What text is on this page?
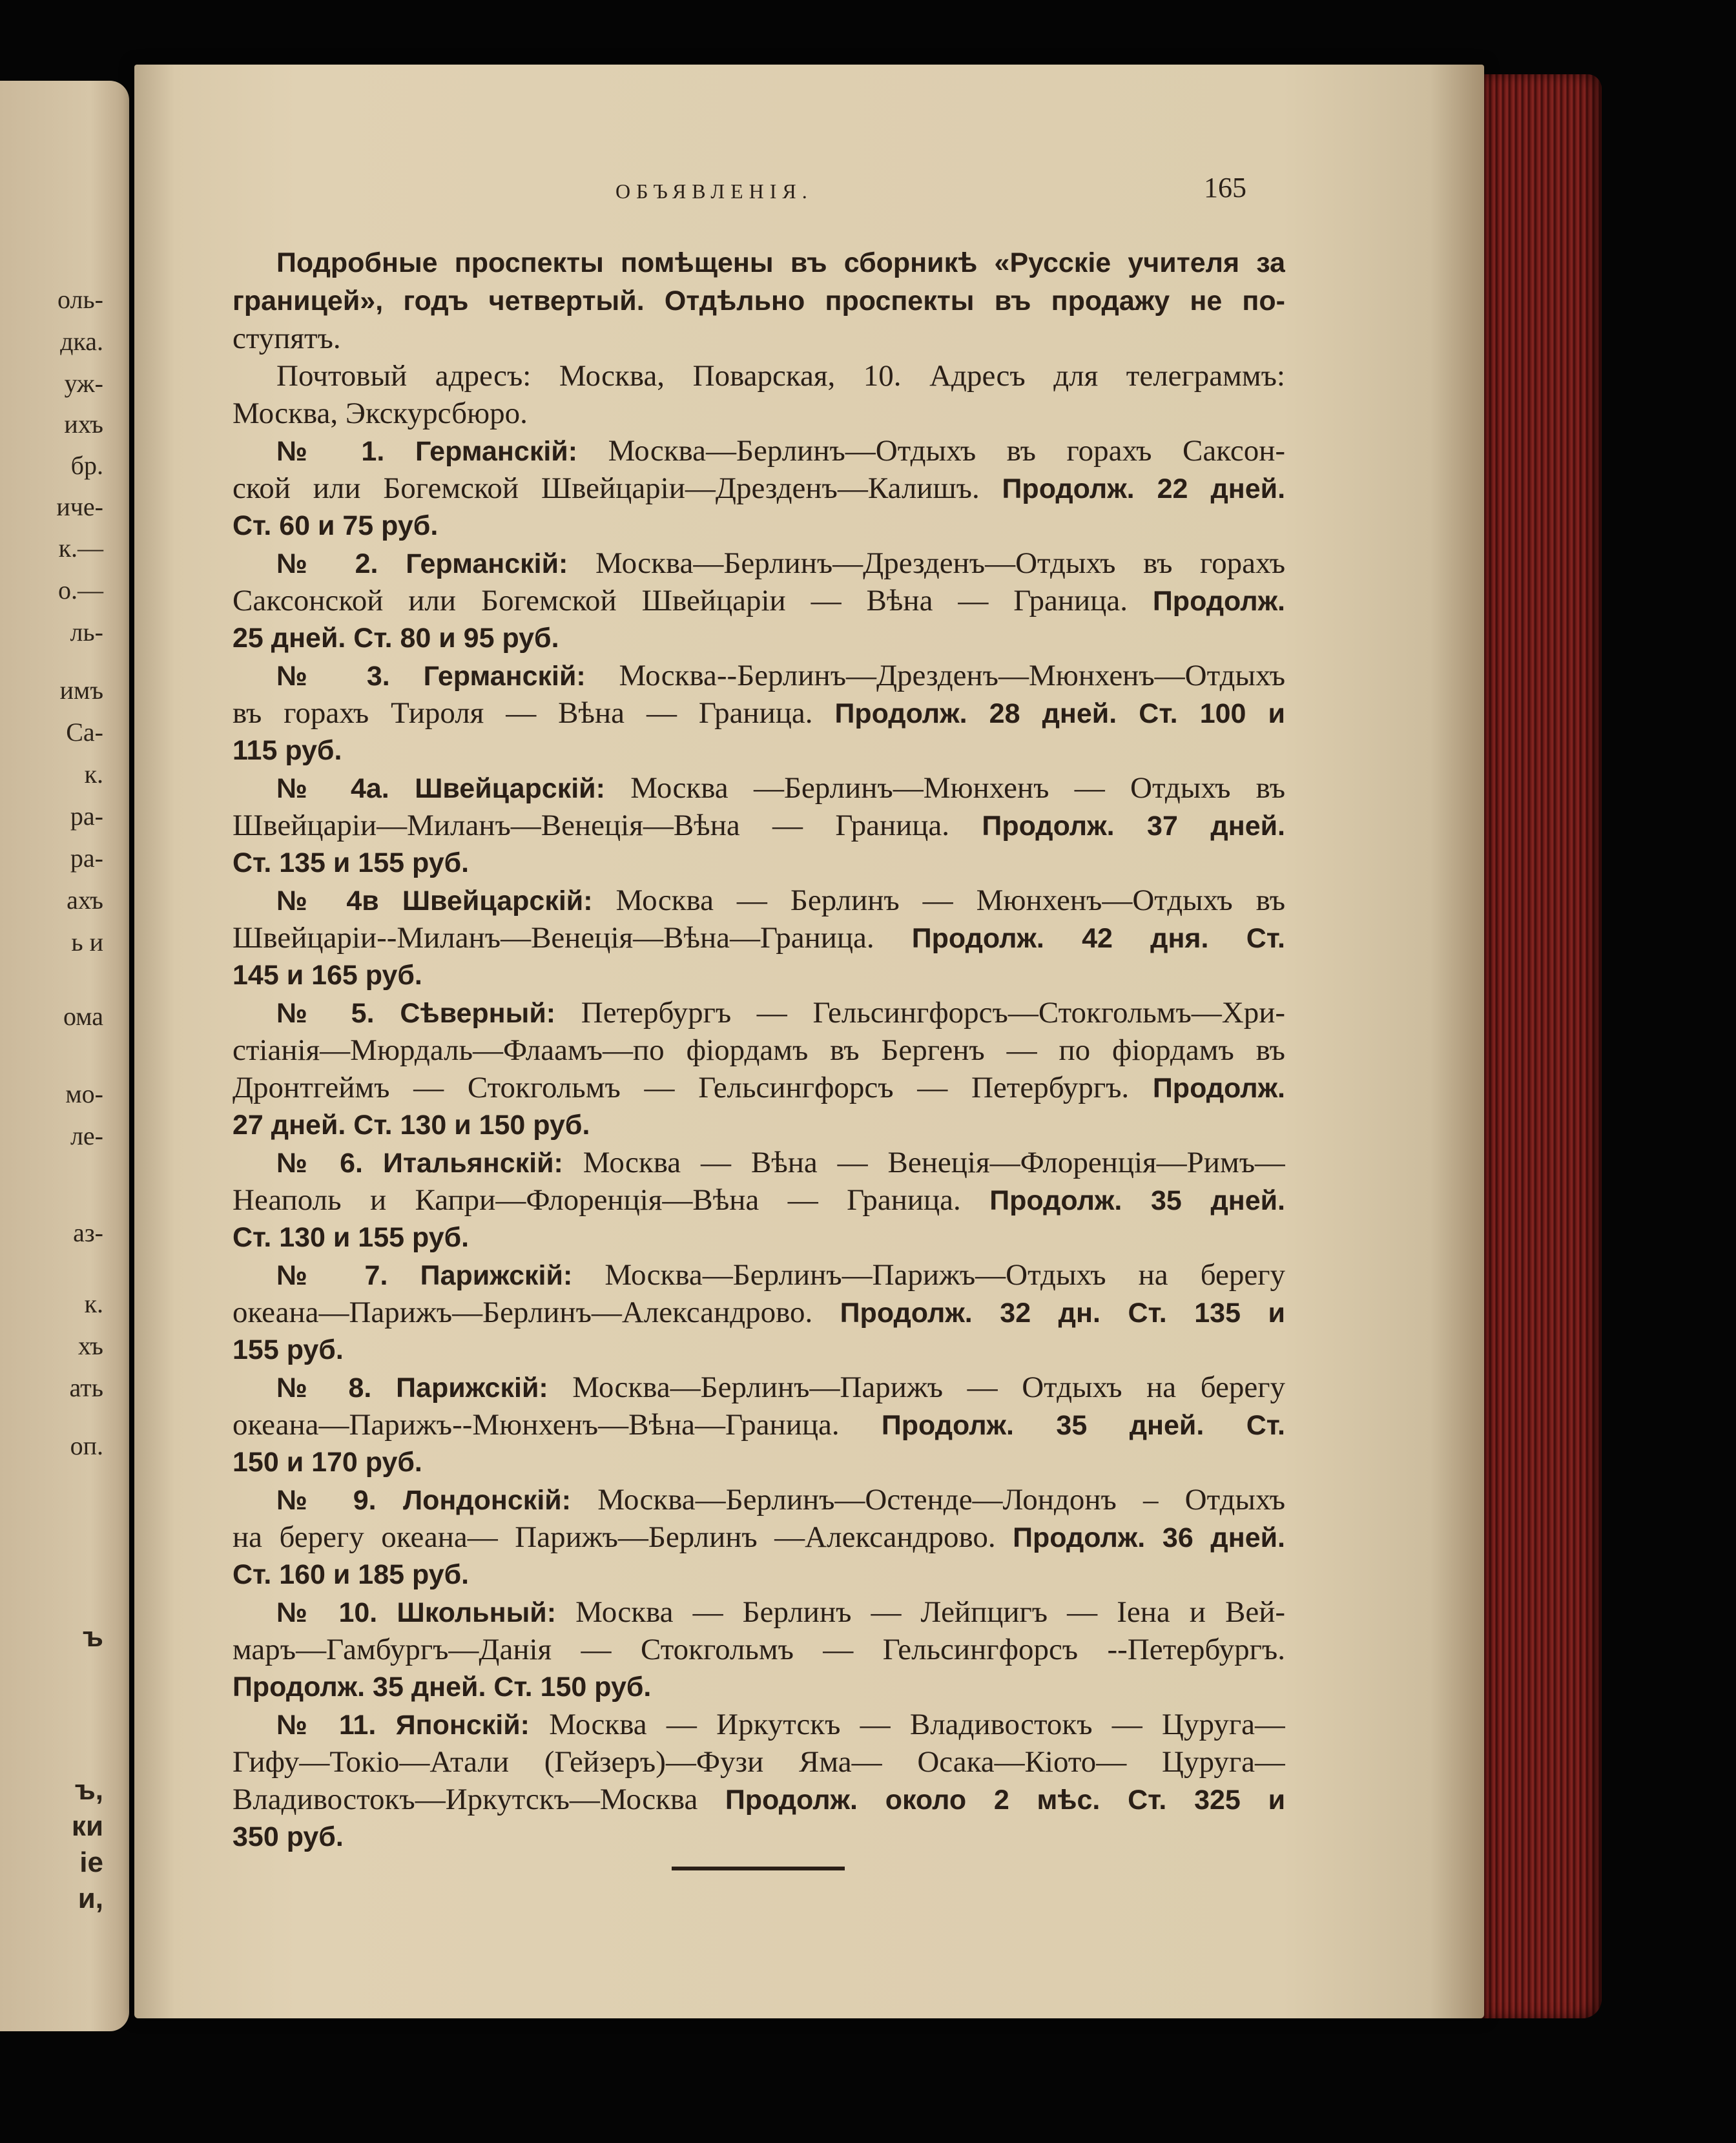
оль-
дка.
уж-
ихъ
бр.
иче-
к.—
о.—
ль-
имъ
Са-
к.
ра-
ра-
ахъ
ь и
ома
мо-
ле-
аз-
к.
хъ
ать
оп.
ъ
ъ,
ки
ie
и,
ОБЪЯВЛЕНІЯ.	165
Подробные проспекты помѣщены въ сборникѣ «Русскіе учителя за
границей», годъ четвертый. Отдѣльно проспекты въ продажу не по-
ступятъ.
Почтовый адресъ: Москва, Поварская, 10. Адресъ для телеграммъ:
Москва, Экскурсбюро.
№ 1. Германскій: Москва—Берлинъ—Отдыхъ въ горахъ Саксон-
ской или Богемской Швейцаріи—Дрезденъ—Калишъ. Продолж. 22 дней.
Ст. 60 и 75 руб.
№ 2. Германскій: Москва—Берлинъ—Дрезденъ—Отдыхъ въ горахъ
Саксонской или Богемской Швейцаріи — Вѣна — Граница. Продолж.
25 дней. Ст. 80 и 95 руб.
№ 3. Германскій: Москва--Берлинъ—Дрезденъ—Мюнхенъ—Отдыхъ
въ горахъ Тироля — Вѣна — Граница. Продолж. 28 дней. Ст. 100 и
115 руб.
№ 4а. Швейцарскій: Москва —Берлинъ—Мюнхенъ — Отдыхъ въ
Швейцаріи—Миланъ—Венеція—Вѣна — Граница. Продолж. 37 дней.
Ст. 135 и 155 руб.
№ 4в Швейцарскій: Москва — Берлинъ — Мюнхенъ—Отдыхъ въ
Швейцаріи--Миланъ—Венеція—Вѣна—Граница. Продолж. 42 дня. Ст.
145 и 165 руб.
№ 5. Сѣверный: Петербургъ — Гельсингфорсъ—Стокгольмъ—Хри-
стіанія—Мюрдаль—Флаамъ—по фіордамъ въ Бергенъ — по фіордамъ въ
Дронтгеймъ — Стокгольмъ — Гельсингфорсъ — Петербургъ. Продолж.
27 дней. Ст. 130 и 150 руб.
№ 6. Итальянскій: Москва — Вѣна — Венеція—Флоренція—Римъ—
Неаполь и Капри—Флоренція—Вѣна — Граница. Продолж. 35 дней.
Ст. 130 и 155 руб.
№ 7. Парижскій: Москва—Берлинъ—Парижъ—Отдыхъ на берегу
океана—Парижъ—Берлинъ—Александрово. Продолж. 32 дн. Ст. 135 и
155 руб.
№ 8. Парижскій: Москва—Берлинъ—Парижъ — Отдыхъ на берегу
океана—Парижъ--Мюнхенъ—Вѣна—Граница. Продолж. 35 дней. Ст.
150 и 170 руб.
№ 9. Лондонскій: Москва—Берлинъ—Остенде—Лондонъ – Отдыхъ
на берегу океана— Парижъ—Берлинъ —Александрово. Продолж. 36 дней.
Ст. 160 и 185 руб.
№ 10. Школьный: Москва — Берлинъ — Лейпцигъ — Іена и Вей-
маръ—Гамбургъ—Данія — Стокгольмъ — Гельсингфорсъ --Петербургъ.
Продолж. 35 дней. Ст. 150 руб.
№ 11. Японскій: Москва — Иркутскъ — Владивостокъ — Цуруга—
Гифу—Токіо—Атали (Гейзеръ)—Фузи Яма— Осака—Кіото— Цуруга—
Владивостокъ—Иркутскъ—Москва Продолж. около 2 мѣс. Ст. 325 и
350 руб.
